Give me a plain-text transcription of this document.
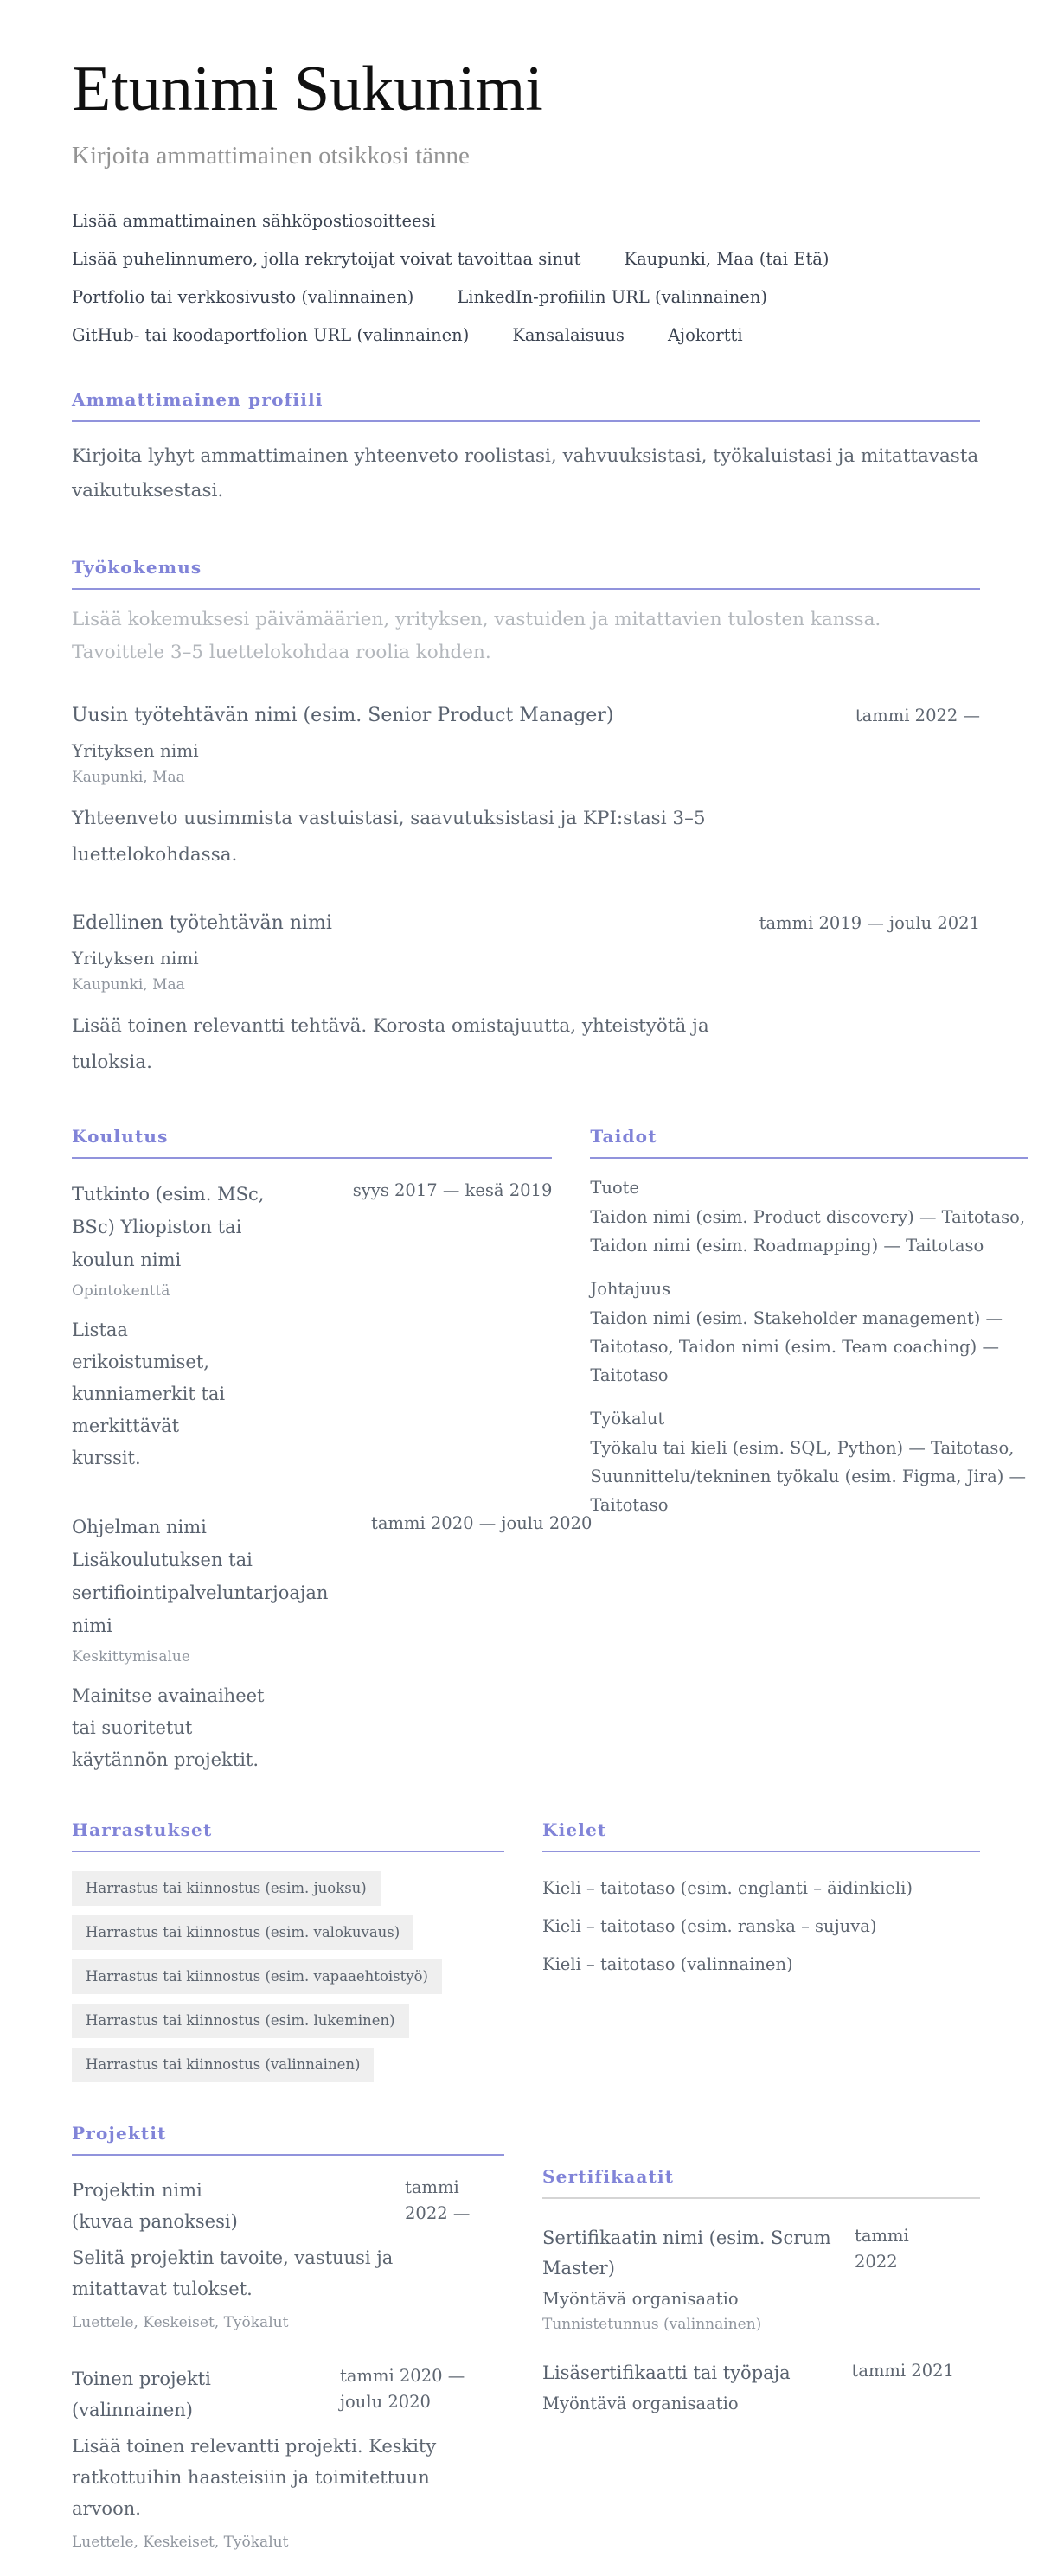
Etunimi Sukunimi
Kirjoita ammattimainen otsikkosi tänne
Lisää ammattimainen sähköpostiosoitteesi
Lisää puhelinnumero, jolla rekrytoijat voivat tavoittaa sinut	Kaupunki, Maa (tai Etä)
Portfolio tai verkkosivusto (valinnainen)	LinkedIn-profiilin URL (valinnainen)
GitHub- tai koodaportfolion URL (valinnainen)	Kansalaisuus	Ajokortti
Ammattimainen profiili
Kirjoita lyhyt ammattimainen yhteenveto roolistasi, vahvuuksistasi, työkaluistasi ja mitattavasta vaikutuksestasi.
Työkokemus
Lisää kokemuksesi päivämäärien, yrityksen, vastuiden ja mitattavien tulosten kanssa. Tavoittele 3–5 luettelokohdaa roolia kohden.
Uusin työtehtävän nimi (esim. Senior Product Manager)	tammi 2022 —
Yrityksen nimi
Kaupunki, Maa
Yhteenveto uusimmista vastuistasi, saavutuksistasi ja KPI:stasi 3–5 luettelokohdassa.
Edellinen työtehtävän nimi	tammi 2019 — joulu 2021
Yrityksen nimi
Kaupunki, Maa
Lisää toinen relevantti tehtävä. Korosta omistajuutta, yhteistyötä ja tuloksia.
Koulutus
Tutkinto (esim. MSc, BSc) Yliopiston tai koulun nimi
syys 2017 — kesä 2019
Opintokenttä
Listaa erikoistumiset, kunniamerkit tai merkittävät kurssit.
Ohjelman nimi Lisäkoulutuksen tai sertifiointipalveluntarjoajan nimi
tammi 2020 — joulu 2020
Keskittymisalue
Mainitse avainaiheet tai suoritetut käytännön projektit.
Taidot
Tuote
Taidon nimi (esim. Product discovery) — Taitotaso, Taidon nimi (esim. Roadmapping) — Taitotaso
Johtajuus
Taidon nimi (esim. Stakeholder management) — Taitotaso, Taidon nimi (esim. Team coaching) — Taitotaso
Työkalut
Työkalu tai kieli (esim. SQL, Python) — Taitotaso, Suunnittelu/tekninen työkalu (esim. Figma, Jira) — Taitotaso
Harrastukset
Harrastus tai kiinnostus (esim. juoksu)
Harrastus tai kiinnostus (esim. valokuvaus)
Harrastus tai kiinnostus (esim. vapaaehtoistyö)
Harrastus tai kiinnostus (esim. lukeminen)
Harrastus tai kiinnostus (valinnainen)
Kielet
Kieli – taitotaso (esim. englanti – äidinkieli)
Kieli – taitotaso (esim. ranska – sujuva)
Kieli – taitotaso (valinnainen)
Projektit
Projektin nimi (kuvaa panoksesi)
tammi 2022 —
Selitä projektin tavoite, vastuusi ja mitattavat tulokset.
Luettele, Keskeiset, Työkalut
Toinen projekti (valinnainen)
tammi 2020 — joulu 2020
Lisää toinen relevantti projekti. Keskity ratkottuihin haasteisiin ja toimitettuun arvoon.
Luettele, Keskeiset, Työkalut
Sertifikaatit
Sertifikaatin nimi (esim. Scrum Master)
tammi 2022
Myöntävä organisaatio
Tunnistetunnus (valinnainen)
Lisäsertifikaatti tai työpaja	tammi 2021
Myöntävä organisaatio
